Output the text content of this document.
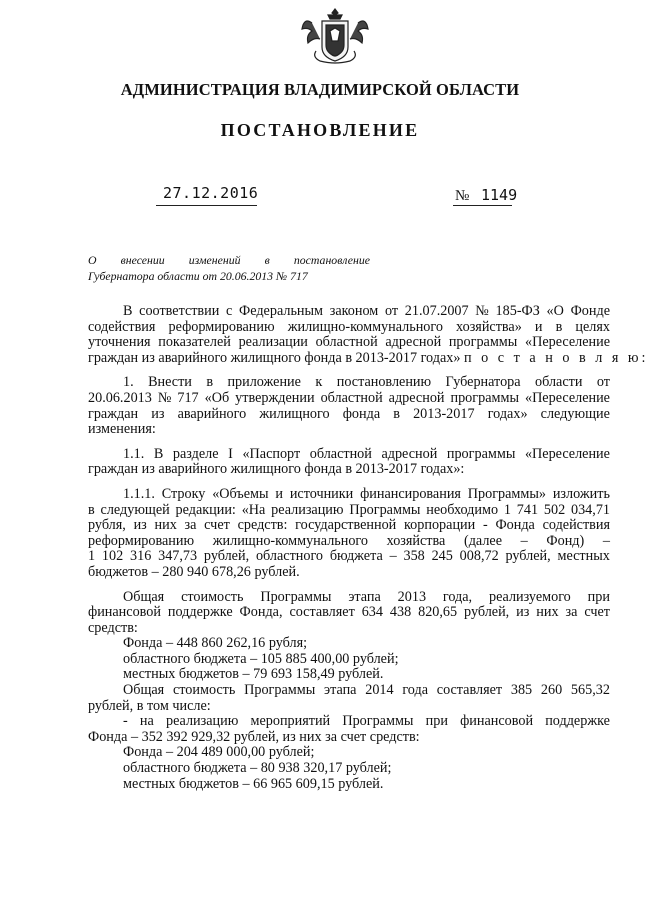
АДМИНИСТРАЦИЯ ВЛАДИМИРСКОЙ ОБЛАСТИ
ПОСТАНОВЛЕНИЕ
27.12.2016	№ 1149
О внесении изменений в постановление
Губернатора области от 20.06.2013 № 717
В соответствии с Федеральным законом от 21.07.2007 № 185-ФЗ «О Фонде
содействия реформированию жилищно-коммунального хозяйства» и в целях
уточнения показателей реализации областной адресной программы «Переселение
граждан из аварийного жилищного фонда в 2013-2017 годах» п о с т а н о в л я ю:
1. Внести в приложение к постановлению Губернатора области от
20.06.2013 № 717 «Об утверждении областной адресной программы «Переселение
граждан из аварийного жилищного фонда в 2013-2017 годах» следующие
изменения:
1.1. В разделе I «Паспорт областной адресной программы «Переселение
граждан из аварийного жилищного фонда в 2013-2017 годах»:
1.1.1. Строку «Объемы и источники финансирования Программы» изложить
в следующей редакции: «На реализацию Программы необходимо 1 741 502 034,71
рубля, из них за счет средств: государственной корпорации - Фонда содействия
реформированию жилищно-коммунального хозяйства (далее – Фонд) –
1 102 316 347,73 рублей, областного бюджета – 358 245 008,72 рублей, местных
бюджетов – 280 940 678,26 рублей.
Общая стоимость Программы этапа 2013 года, реализуемого при
финансовой поддержке Фонда, составляет 634 438 820,65 рублей, из них за счет
средств:
Фонда – 448 860 262,16 рубля;
областного бюджета – 105 885 400,00 рублей;
местных бюджетов – 79 693 158,49 рублей.
Общая стоимость Программы этапа 2014 года составляет 385 260 565,32
рублей, в том числе:
- на реализацию мероприятий Программы при финансовой поддержке
Фонда – 352 392 929,32 рублей, из них за счет средств:
Фонда – 204 489 000,00 рублей;
областного бюджета – 80 938 320,17 рублей;
местных бюджетов – 66 965 609,15 рублей.
